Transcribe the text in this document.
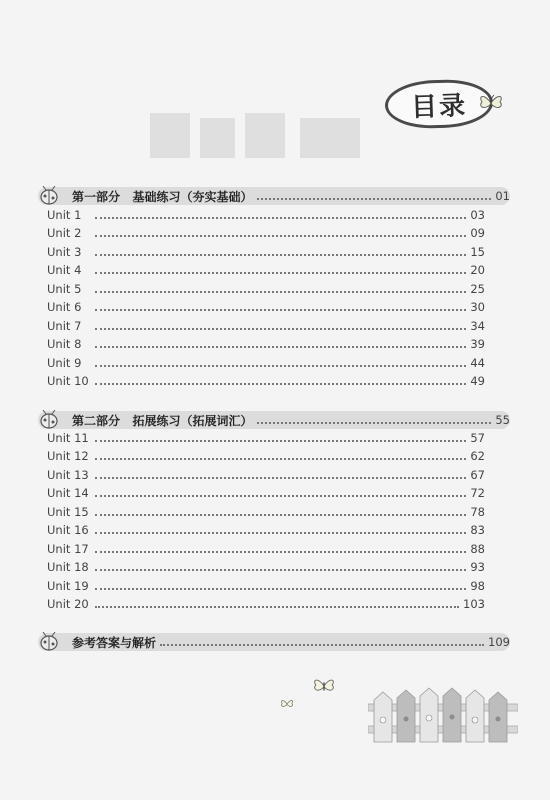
目录
第一部分   基础练习（夯实基础）	01
Unit 1	03
Unit 2	09
Unit 3	15
Unit 4	20
Unit 5	25
Unit 6	30
Unit 7	34
Unit 8	39
Unit 9	44
Unit 10	49
第二部分   拓展练习（拓展词汇）	55
Unit 11	57
Unit 12	62
Unit 13	67
Unit 14	72
Unit 15	78
Unit 16	83
Unit 17	88
Unit 18	93
Unit 19	98
Unit 20	103
参考答案与解析	109
